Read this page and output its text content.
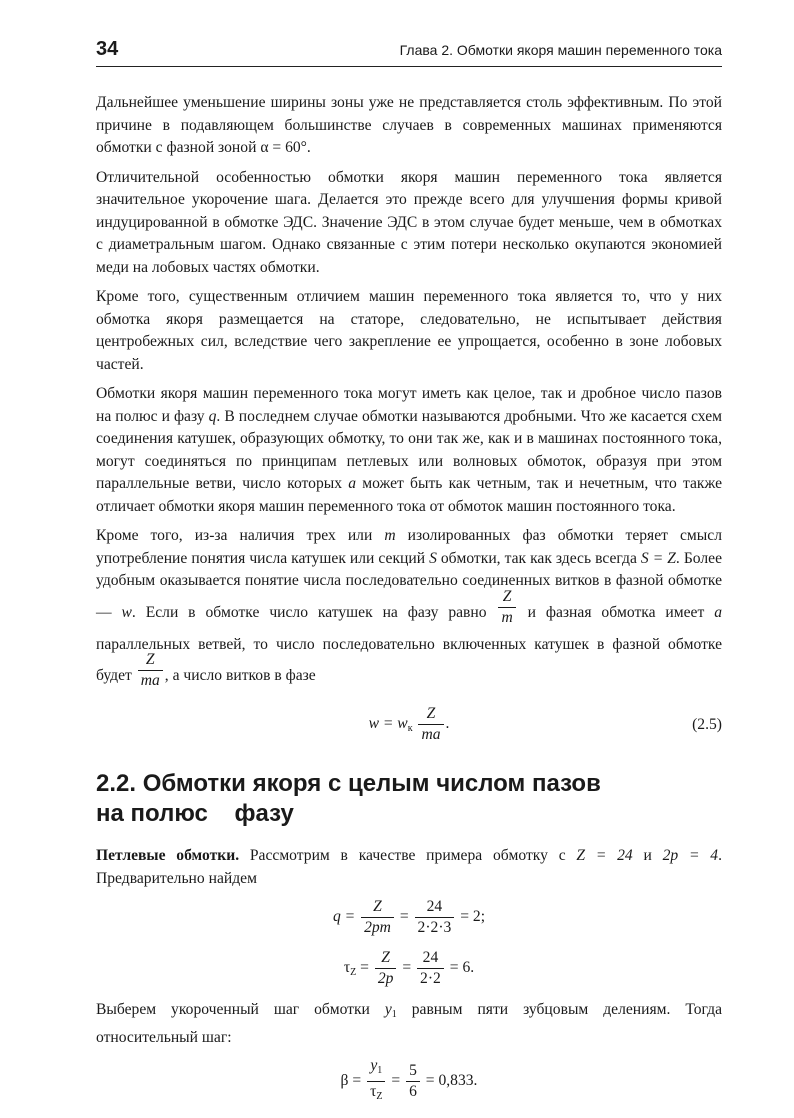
34	Глава 2. Обмотки якоря машин переменного тока

Дальнейшее уменьшение ширины зоны уже не представляется столь эффективным. По этой причине в подавляющем большинстве случаев в современных машинах применяются обмотки с фазной зоной α = 60°.

Отличительной особенностью обмотки якоря машин переменного тока является значительное укорочение шага. Делается это прежде всего для улучшения формы кривой индуцированной в обмотке ЭДС. Значение ЭДС в этом случае будет меньше, чем в обмотках с диаметральным шагом. Однако связанные с этим потери несколько окупаются экономией меди на лобовых частях обмотки.

Кроме того, существенным отличием машин переменного тока является то, что у них обмотка якоря размещается на статоре, следовательно, не испытывает действия центробежных сил, вследствие чего закрепление ее упрощается, особенно в зоне лобовых частей.

Обмотки якоря машин переменного тока могут иметь как целое, так и дробное число пазов на полюс и фазу q. В последнем случае обмотки называются дробными. Что же касается схем соединения катушек, образующих обмотку, то они так же, как и в машинах постоянного тока, могут соединяться по принципам петлевых или волновых обмоток, образуя при этом параллельные ветви, число которых a может быть как четным, так и нечетным, что также отличает обмотки якоря машин переменного тока от обмоток машин постоянного тока.

Кроме того, из-за наличия трех или m изолированных фаз обмотки теряет смысл употребление понятия числа катушек или секций S обмотки, так как здесь всегда S = Z. Более удобным оказывается понятие числа последовательно соединенных витков в фазной обмотке — w. Если в обмотке число катушек на фазу равно $\frac{Z}{m}$ и фазная обмотка имеет a параллельных ветвей, то число последовательно включенных катушек в фазной обмотке будет $\frac{Z}{ma}$ , а число витков в фазе

$w = w_к \frac{Z}{ma}$ .	(2.5)
2.2. Обмотки якоря с целым числом пазов
на полюс    фазу

Петлевые обмотки. Рассмотрим в качестве примера обмотку с Z = 24 и 2p = 4. Предварительно найдем

$q = \frac{Z}{2pm} = \frac{24}{2\cdot 2\cdot 3} = 2$;
$\tau_Z = \frac{Z}{2p} = \frac{24}{2\cdot 2} = 6$.

Выберем укороченный шаг обмотки $y_1$ равным пяти зубцовым делениям. Тогда относительный шаг:

$\beta = \frac{y_1}{\tau_Z} = \frac{5}{6} = 0,833$.
